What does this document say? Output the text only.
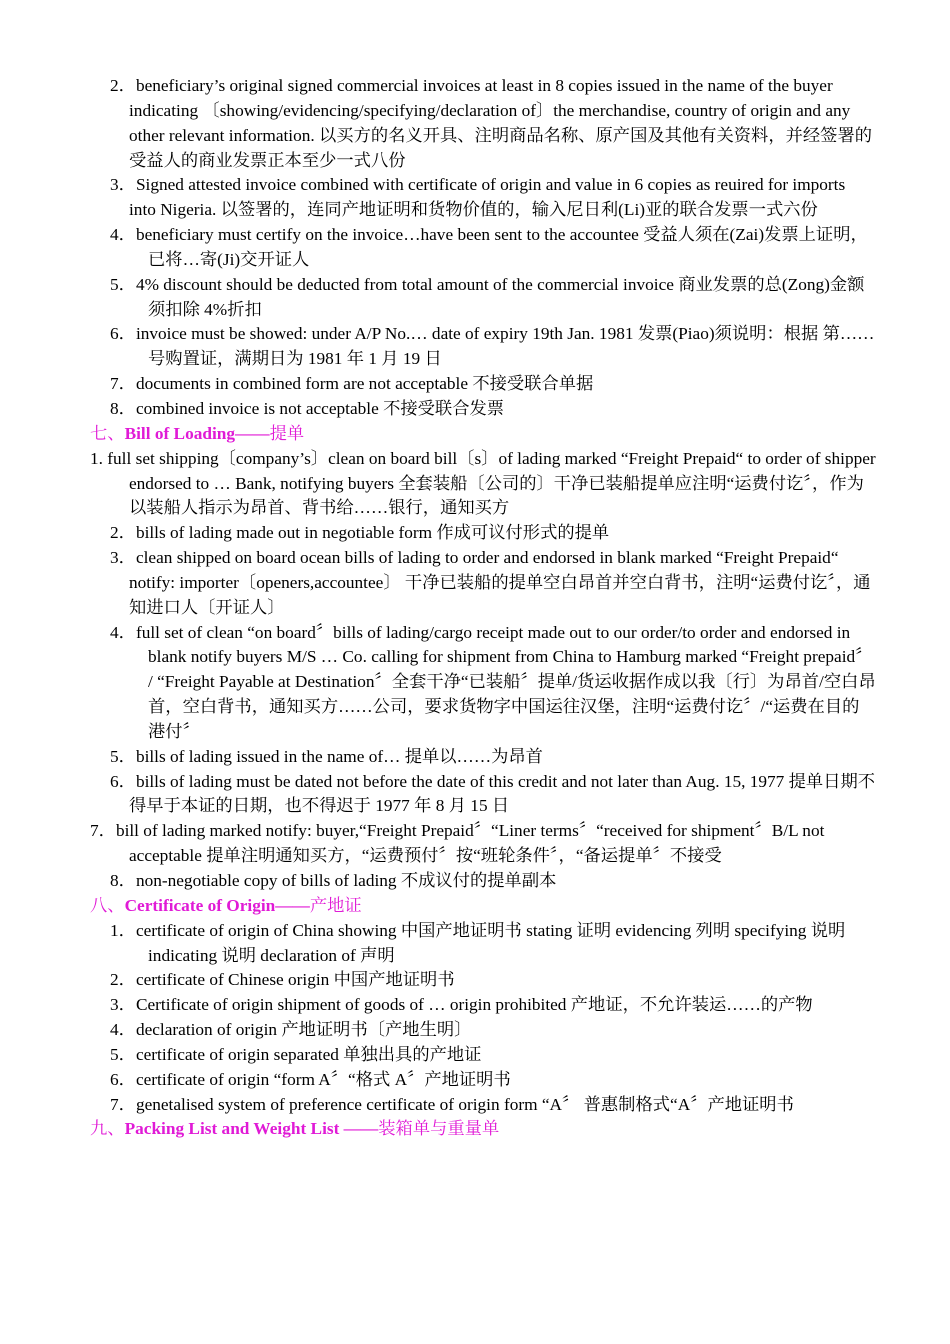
2．beneficiary’s original signed commercial invoices at least in 8 copies issued in the name of the buyer indicating 〔showing/evidencing/specifying/declaration of〕the merchandise, country of origin and any other relevant information. 以买方的名义开具、注明商品名称、原产国及其他有关资料，并经签署的受益人的商业发票正本至少一式八份

3．Signed attested invoice combined with certificate of origin and value in 6 copies as reuired for imports into Nigeria. 以签署的，连同产地证明和货物价值的，输入尼日利(Li)亚的联合发票一式六份

4．beneficiary must certify on the invoice…have been sent to the accountee 受益人须在(Zai)发票上证明，已将…寄(Ji)交开证人

5．4% discount should be deducted from total amount of the commercial invoice 商业发票的总(Zong)金额须扣除 4%折扣

6．invoice must be showed: under A/P No.… date of expiry 19th Jan. 1981 发票(Piao)须说明：根据 第……号购置证，满期日为 1981 年 1 月 19 日

7．documents in combined form are not acceptable 不接受联合单据

8．combined invoice is not acceptable 不接受联合发票

七、Bill of Loading——提单

1. full set shipping〔company’s〕clean on board bill〔s〕of lading marked “Freight Prepaid“ to order of shipper endorsed to … Bank, notifying buyers 全套装船〔公司的〕干净已装船提单应注明“运费付讫〞，作为以装船人指示为昂首、背书给……银行，通知买方

2．bills of lading made out in negotiable form 作成可议付形式的提单

3．clean shipped on board ocean bills of lading to order and endorsed in blank marked “Freight Prepaid“ notify: importer〔openers,accountee〕 干净已装船的提单空白昂首并空白背书，注明“运费付讫〞，通知进口人〔开证人〕

4．full set of clean “on board〞bills of lading/cargo receipt made out to our order/to order and endorsed in blank notify buyers M/S … Co. calling for shipment from China to Hamburg marked “Freight prepaid〞 / “Freight Payable at Destination〞全套干净“已装船〞提单/货运收据作成以我〔行〕为昂首/空白昂首，空白背书，通知买方……公司，要求货物字中国运往汉堡，注明“运费付讫〞/“运费在目的港付〞

5．bills of lading issued in the name of… 提单以……为昂首

6．bills of lading must be dated not before the date of this credit and not later than Aug. 15, 1977 提单日期不得早于本证的日期，也不得迟于 1977 年 8 月 15 日

7．bill of lading marked notify: buyer,“Freight Prepaid〞“Liner terms〞“received for shipment〞B/L not acceptable 提单注明通知买方，“运费预付〞按“班轮条件〞，“备运提单〞不接受

8．non-negotiable copy of bills of lading 不成议付的提单副本

八、Certificate of Origin——产地证

1．certificate of origin of China showing 中国产地证明书 stating 证明 evidencing 列明 specifying 说明 indicating 说明 declaration of 声明

2．certificate of Chinese origin 中国产地证明书

3．Certificate of origin shipment of goods of … origin prohibited 产地证，不允许装运……的产物

4．declaration of origin 产地证明书〔产地生明〕

5．certificate of origin separated 单独出具的产地证

6．certificate of origin “form A〞“格式 A〞产地证明书

7．genetalised system of preference certificate of origin form “A〞 普惠制格式“A〞产地证明书

九、Packing List and Weight List ——装箱单与重量单
